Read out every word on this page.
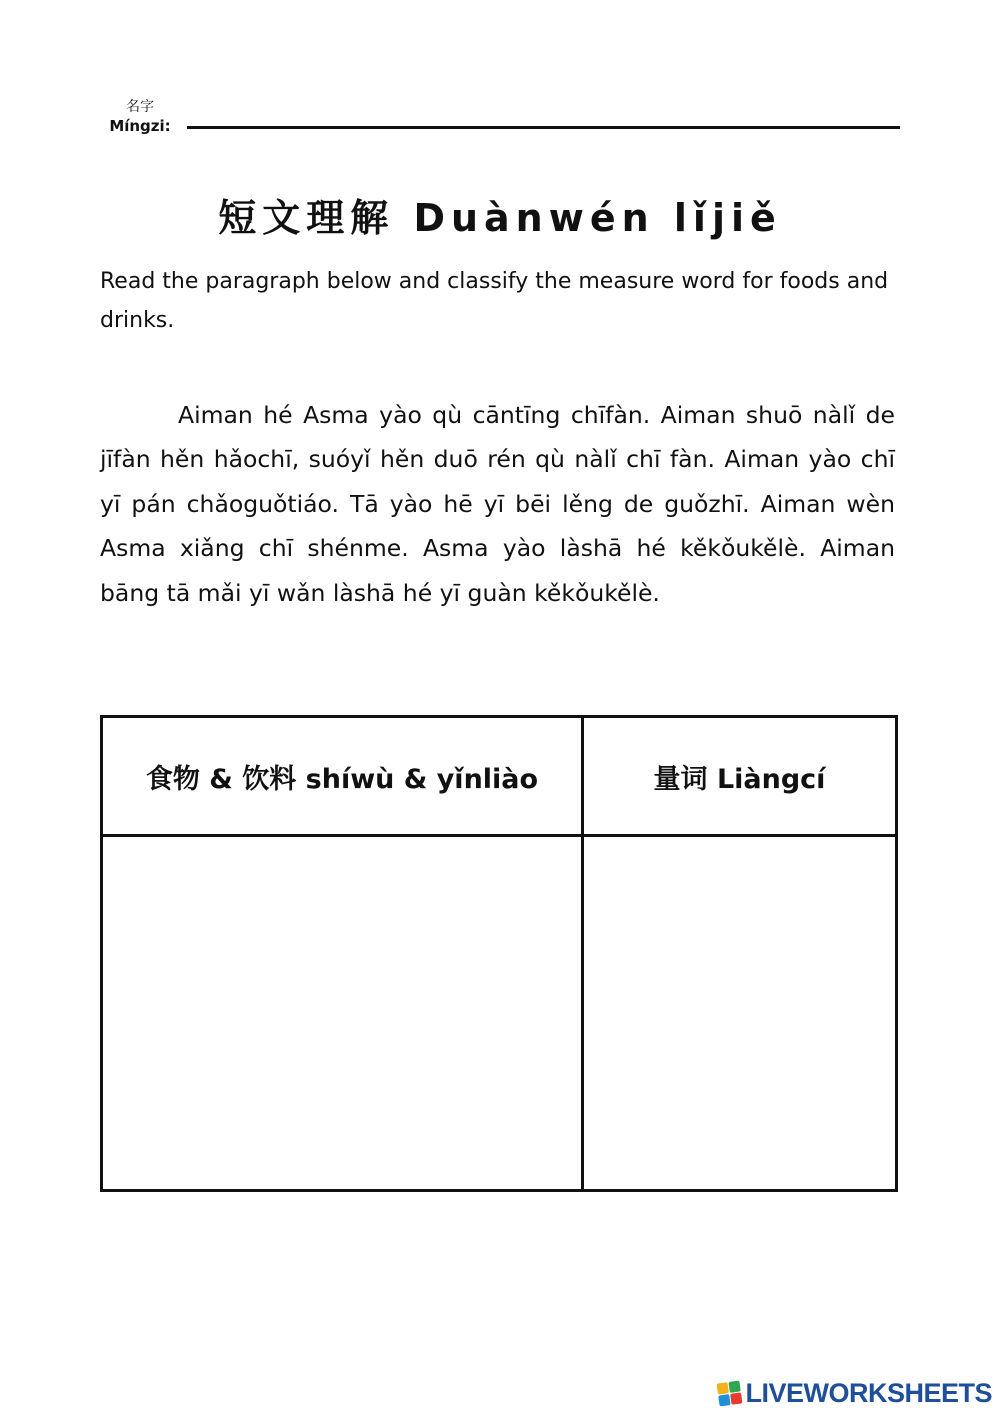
名字
Míngzi:
短文理解 Duànwén lǐjiě
Read the paragraph below and classify the measure word for foods and drinks.
Aiman hé Asma yào qù cāntīng chīfàn. Aiman shuō nàlǐ de jīfàn hěn hǎochī, suóyǐ hěn duō rén qù nàlǐ chī fàn. Aiman yào chī yī pán chǎoguǒtiáo. Tā yào hē yī bēi lěng de guǒzhī. Aiman wèn Asma xiǎng chī shénme. Asma yào làshā hé kěkǒukělè. Aiman bāng tā mǎi yī wǎn làshā hé yī guàn kěkǒukělè.
食物 & 饮料 shíwù & yǐnliào	量词 Liàngcí
LIVEWORKSHEETS
